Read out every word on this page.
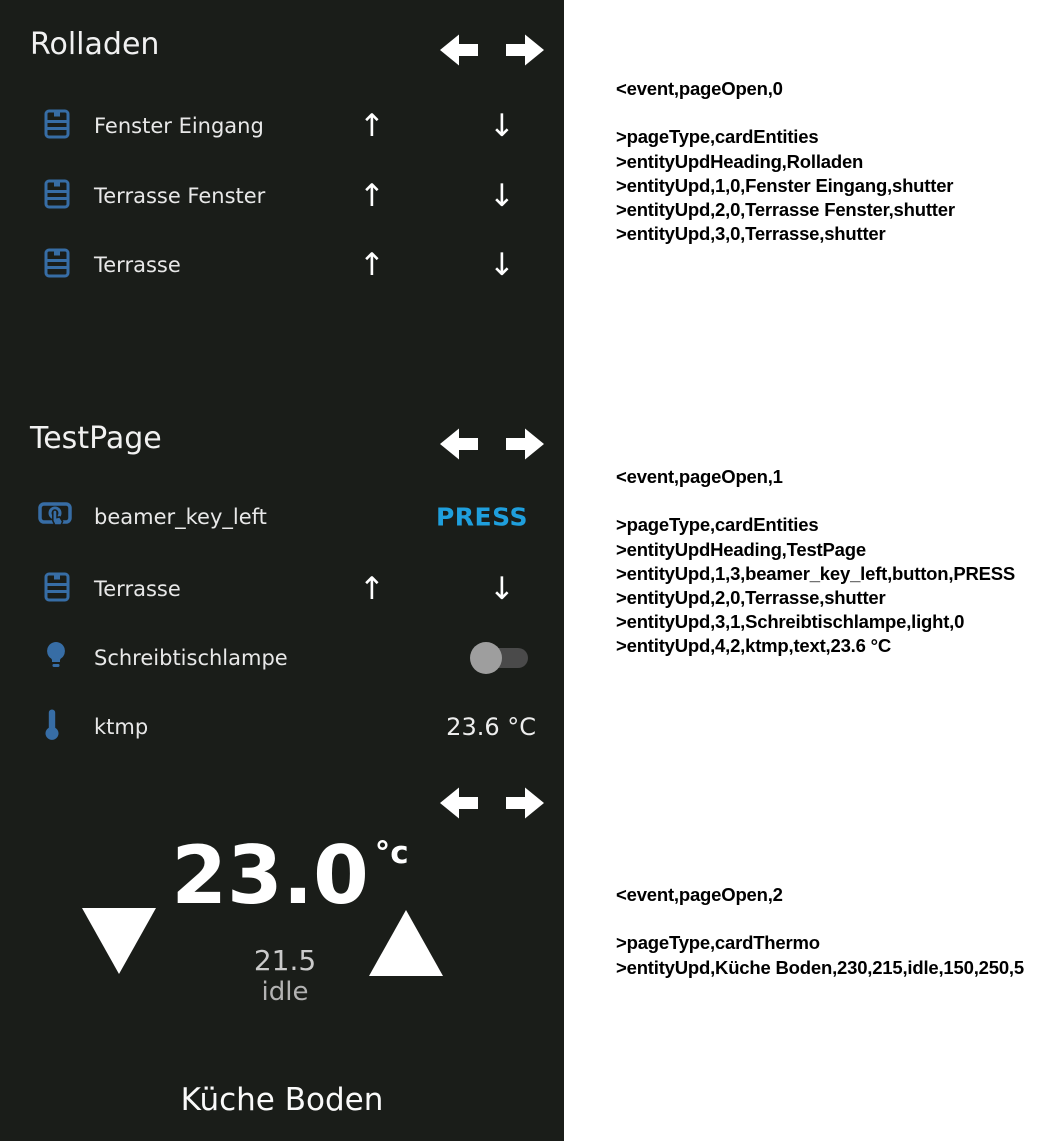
Rolladen
Fenster Eingang	↑	↓
Terrasse Fenster	↑	↓
Terrasse	↑	↓
TestPage
beamer_key_left	PRESS
Terrasse	↑	↓
Schreibtischlampe
ktmp	23.6 °C
23.0 $^{^\circ c}$
21.5
idle
Küche Boden
<event,pageOpen,0
>pageType,cardEntities
>entityUpdHeading,Rolladen
>entityUpd,1,0,Fenster Eingang,shutter
>entityUpd,2,0,Terrasse Fenster,shutter
>entityUpd,3,0,Terrasse,shutter
<event,pageOpen,1
>pageType,cardEntities
>entityUpdHeading,TestPage
>entityUpd,1,3,beamer_key_left,button,PRESS
>entityUpd,2,0,Terrasse,shutter
>entityUpd,3,1,Schreibtischlampe,light,0
>entityUpd,4,2,ktmp,text,23.6 °C
<event,pageOpen,2
>pageType,cardThermo
>entityUpd,Küche Boden,230,215,idle,150,250,5
